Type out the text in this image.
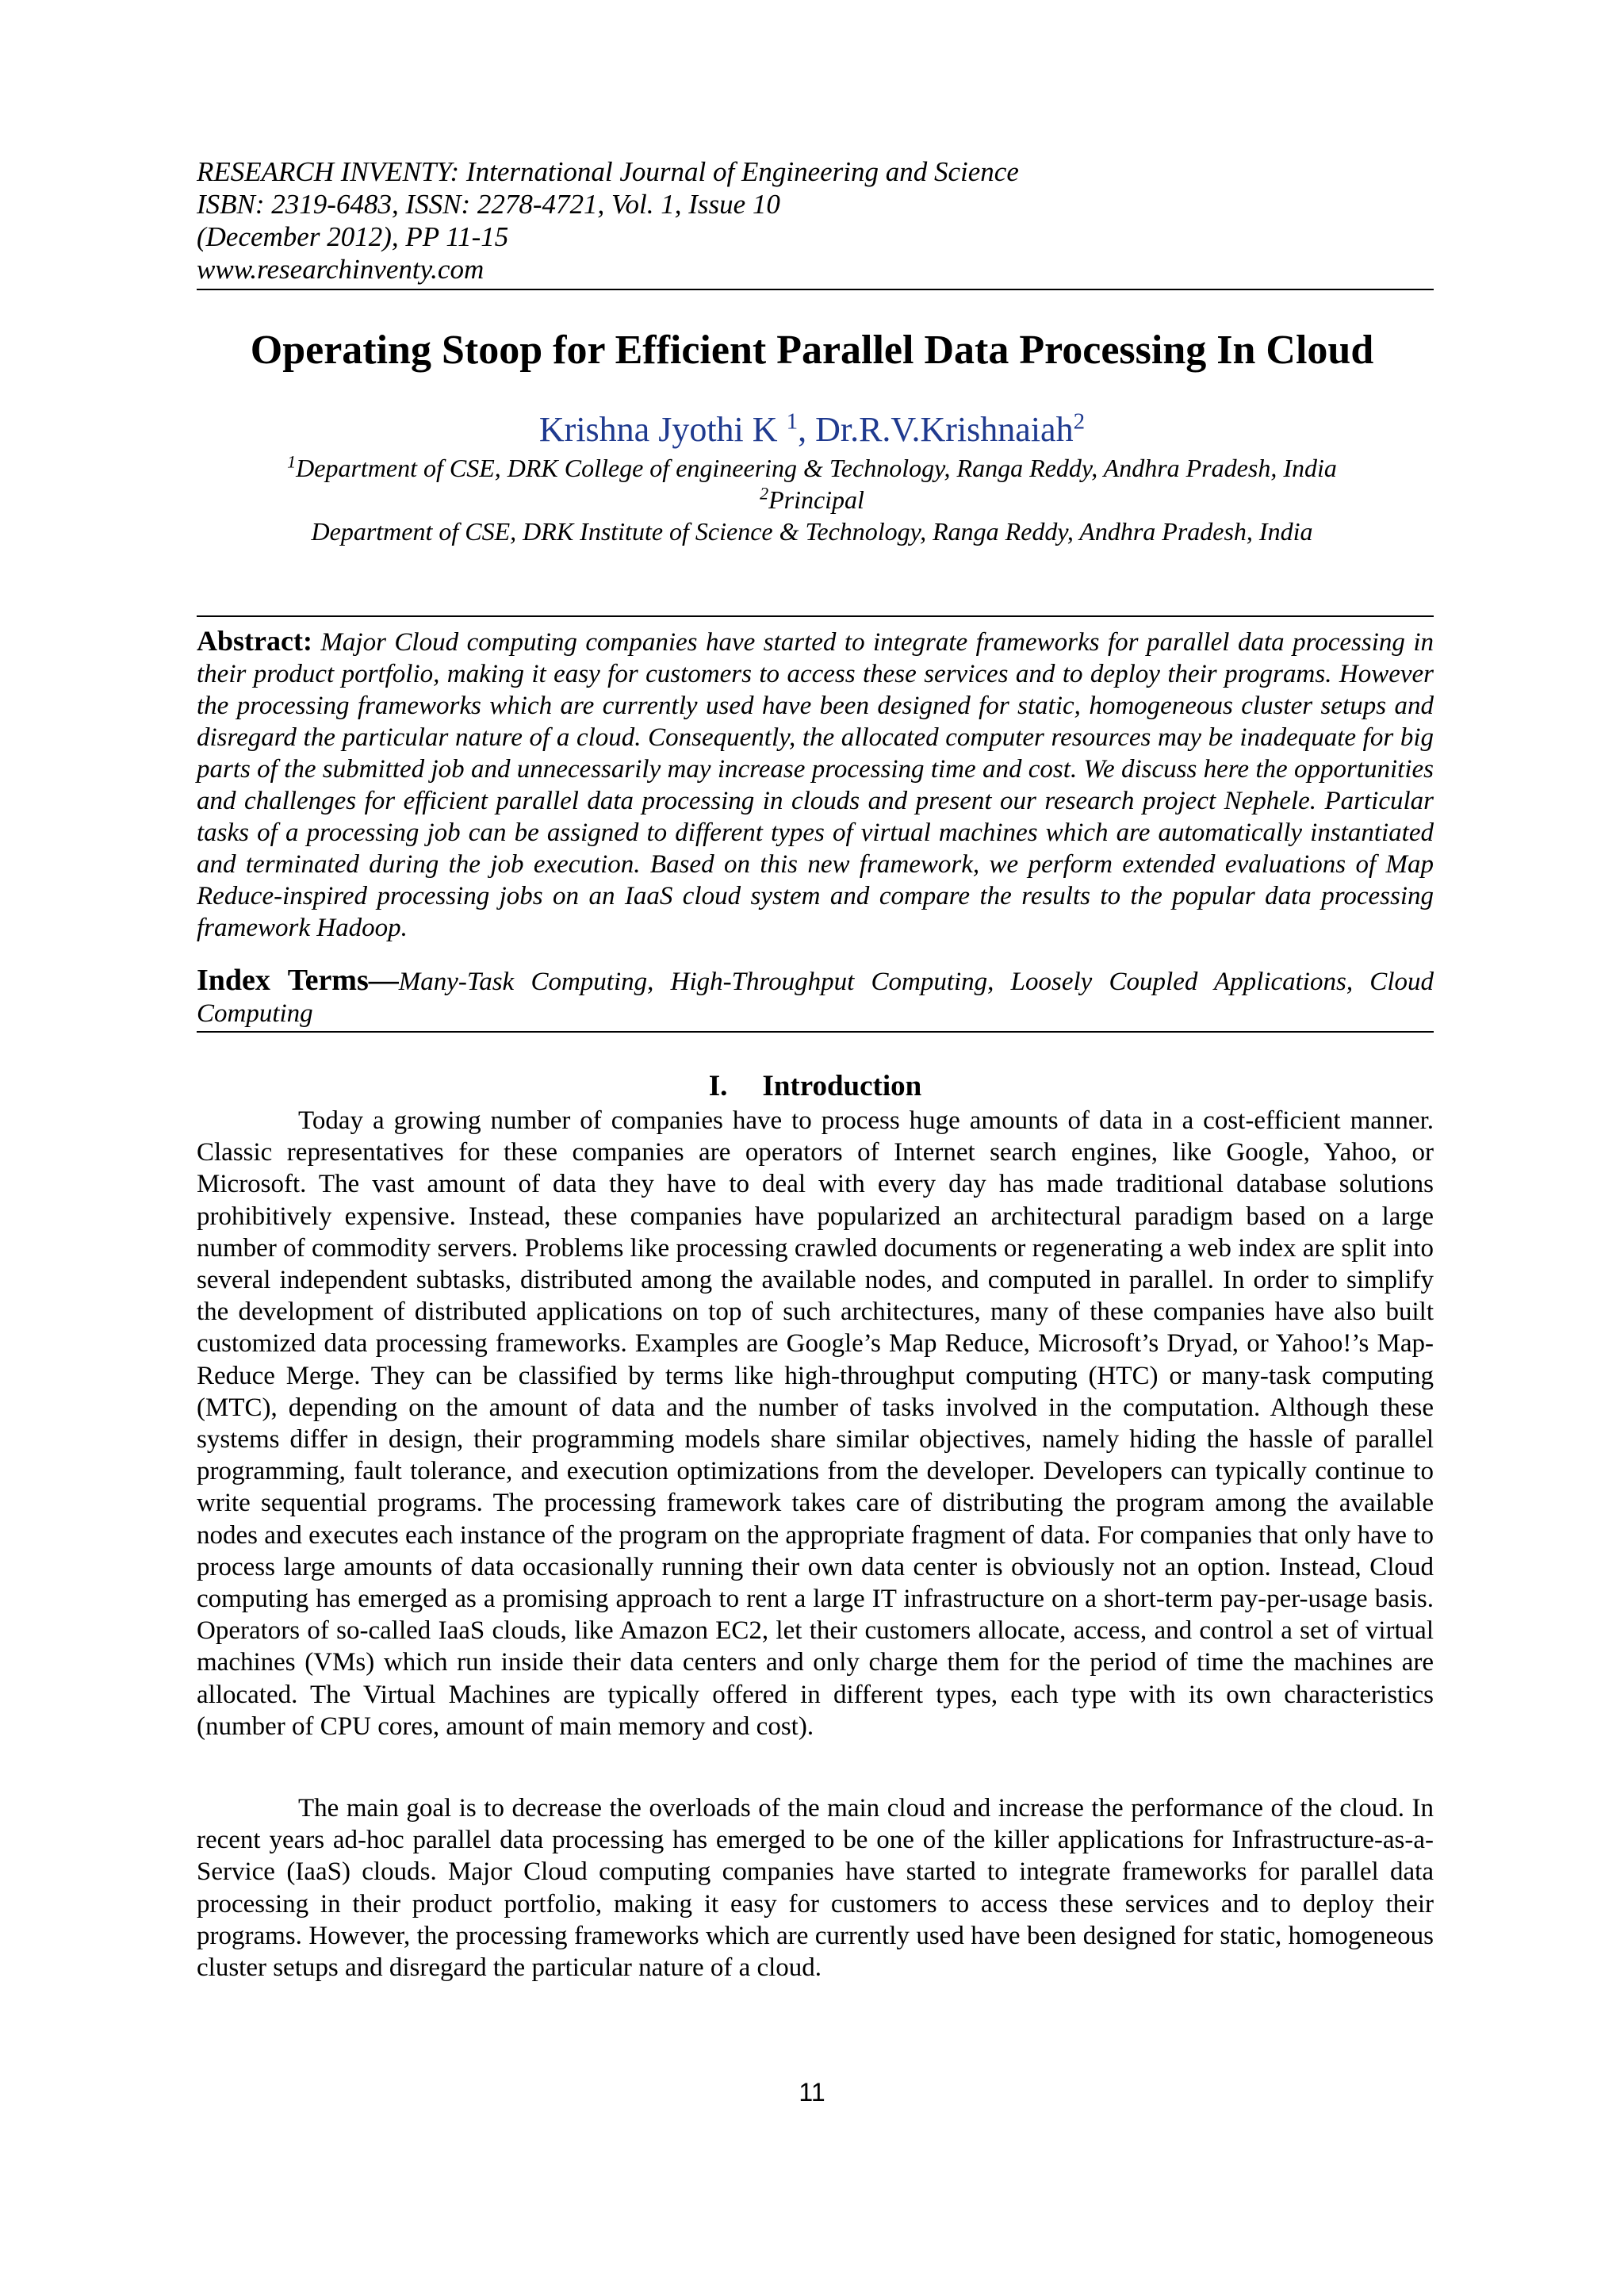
RESEARCH INVENTY: International Journal of Engineering and Science
ISBN: 2319-6483, ISSN: 2278-4721, Vol. 1, Issue 10
(December 2012), PP 11-15
www.researchinventy.com
Operating Stoop for Efficient Parallel Data Processing In Cloud
Krishna Jyothi K $^1$, Dr.R.V.Krishnaiah$^2$
$^1$Department of CSE, DRK College of engineering & Technology, Ranga Reddy, Andhra Pradesh, India
$^2$Principal
Department of CSE, DRK Institute of Science & Technology, Ranga Reddy, Andhra Pradesh, India
Abstract: Major Cloud computing companies have started to integrate frameworks for parallel data processing in their product portfolio, making it easy for customers to access these services and to deploy their programs. However the processing frameworks which are currently used have been designed for static, homogeneous cluster setups and disregard the particular nature of a cloud. Consequently, the allocated computer resources may be inadequate for big parts of the submitted job and unnecessarily may increase processing time and cost. We discuss here the opportunities and challenges for efficient parallel data processing in clouds and present our research project Nephele. Particular tasks of a processing job can be assigned to different types of virtual machines which are automatically instantiated and terminated during the job execution. Based on this new framework, we perform extended evaluations of Map Reduce-inspired processing jobs on an IaaS cloud system and compare the results to the popular data processing framework Hadoop.
Index Terms—Many-Task Computing, High-Throughput Computing, Loosely Coupled Applications, Cloud Computing
I. Introduction

Today a growing number of companies have to process huge amounts of data in a cost-efficient manner. Classic representatives for these companies are operators of Internet search engines, like Google, Yahoo, or Microsoft. The vast amount of data they have to deal with every day has made traditional database solutions prohibitively expensive. Instead, these companies have popularized an architectural paradigm based on a large number of commodity servers. Problems like processing crawled documents or regenerating a web index are split into several independent subtasks, distributed among the available nodes, and computed in parallel. In order to simplify the development of distributed applications on top of such architectures, many of these companies have also built customized data processing frameworks. Examples are Google’s Map Reduce, Microsoft’s Dryad, or Yahoo!’s Map-Reduce Merge. They can be classified by terms like high-throughput computing (HTC) or many-task computing (MTC), depending on the amount of data and the number of tasks involved in the computation. Although these systems differ in design, their programming models share similar objectives, namely hiding the hassle of parallel programming, fault tolerance, and execution optimizations from the developer. Developers can typically continue to write sequential programs. The processing framework takes care of distributing the program among the available nodes and executes each instance of the program on the appropriate fragment of data. For companies that only have to process large amounts of data occasionally running their own data center is obviously not an option. Instead, Cloud computing has emerged as a promising approach to rent a large IT infrastructure on a short-term pay-per-usage basis. Operators of so-called IaaS clouds, like Amazon EC2, let their customers allocate, access, and control a set of virtual machines (VMs) which run inside their data centers and only charge them for the period of time the machines are allocated. The Virtual Machines are typically offered in different types, each type with its own characteristics (number of CPU cores, amount of main memory and cost).

The main goal is to decrease the overloads of the main cloud and increase the performance of the cloud. In recent years ad-hoc parallel data processing has emerged to be one of the killer applications for Infrastructure-as-a-Service (IaaS) clouds. Major Cloud computing companies have started to integrate frameworks for parallel data processing in their product portfolio, making it easy for customers to access these services and to deploy their programs. However, the processing frameworks which are currently used have been designed for static, homogeneous cluster setups and disregard the particular nature of a cloud.

11
